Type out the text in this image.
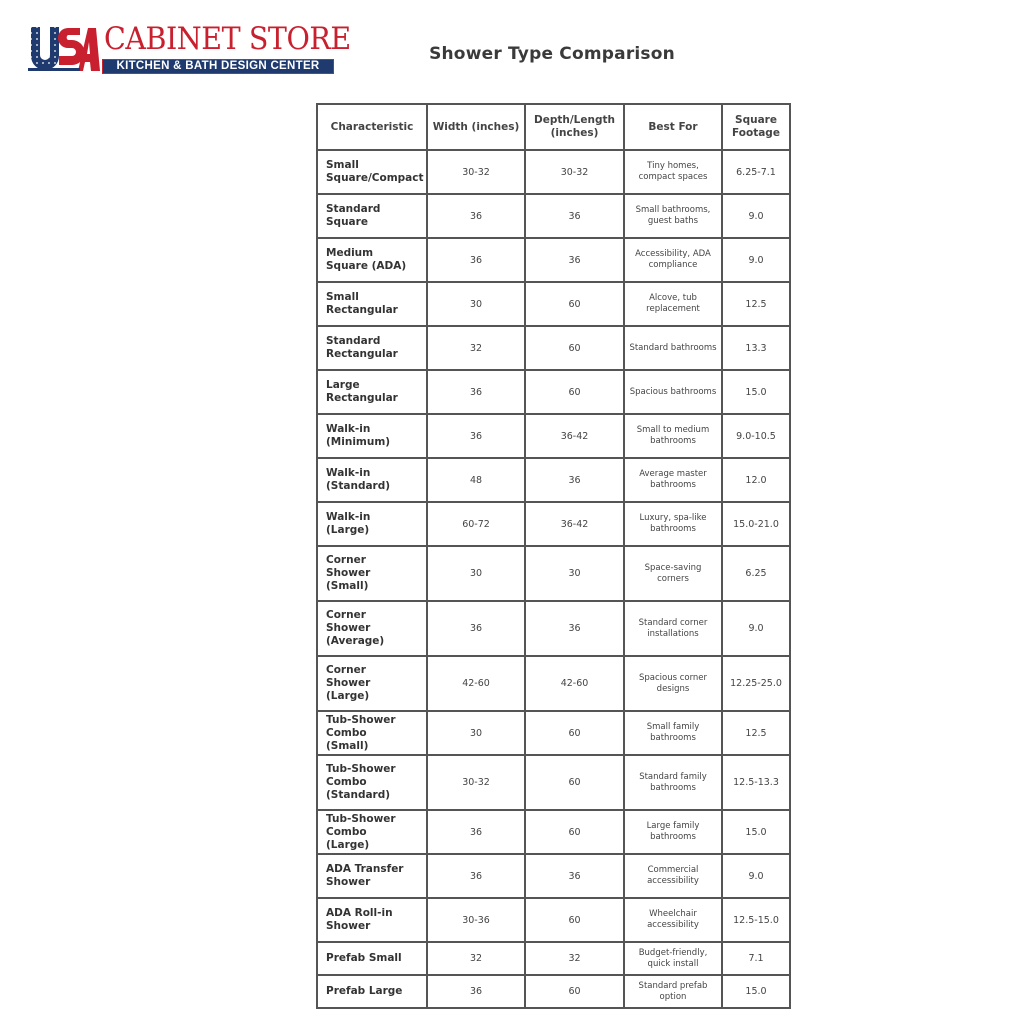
CABINET STORE
KITCHEN & BATH DESIGN CENTER
Shower Type Comparison
Characteristic	Width (inches)	Depth/Length (inches)	Best For	Square Footage
Small Square/Compact	30-32	30-32	Tiny homes, compact spaces	6.25-7.1
Standard Square	36	36	Small bathrooms, guest baths	9.0
Medium Square (ADA)	36	36	Accessibility, ADA compliance	9.0
Small Rectangular	30	60	Alcove, tub replacement	12.5
Standard Rectangular	32	60	Standard bathrooms	13.3
Large Rectangular	36	60	Spacious bathrooms	15.0
Walk-in (Minimum)	36	36-42	Small to medium bathrooms	9.0-10.5
Walk-in (Standard)	48	36	Average master bathrooms	12.0
Walk-in (Large)	60-72	36-42	Luxury, spa-like bathrooms	15.0-21.0
Corner Shower (Small)	30	30	Space-saving corners	6.25
Corner Shower (Average)	36	36	Standard corner installations	9.0
Corner Shower (Large)	42-60	42-60	Spacious corner designs	12.25-25.0
Tub-Shower Combo (Small)	30	60	Small family bathrooms	12.5
Tub-Shower Combo (Standard)	30-32	60	Standard family bathrooms	12.5-13.3
Tub-Shower Combo (Large)	36	60	Large family bathrooms	15.0
ADA Transfer Shower	36	36	Commercial accessibility	9.0
ADA Roll-in Shower	30-36	60	Wheelchair accessibility	12.5-15.0
Prefab Small	32	32	Budget-friendly, quick install	7.1
Prefab Large	36	60	Standard prefab option	15.0
